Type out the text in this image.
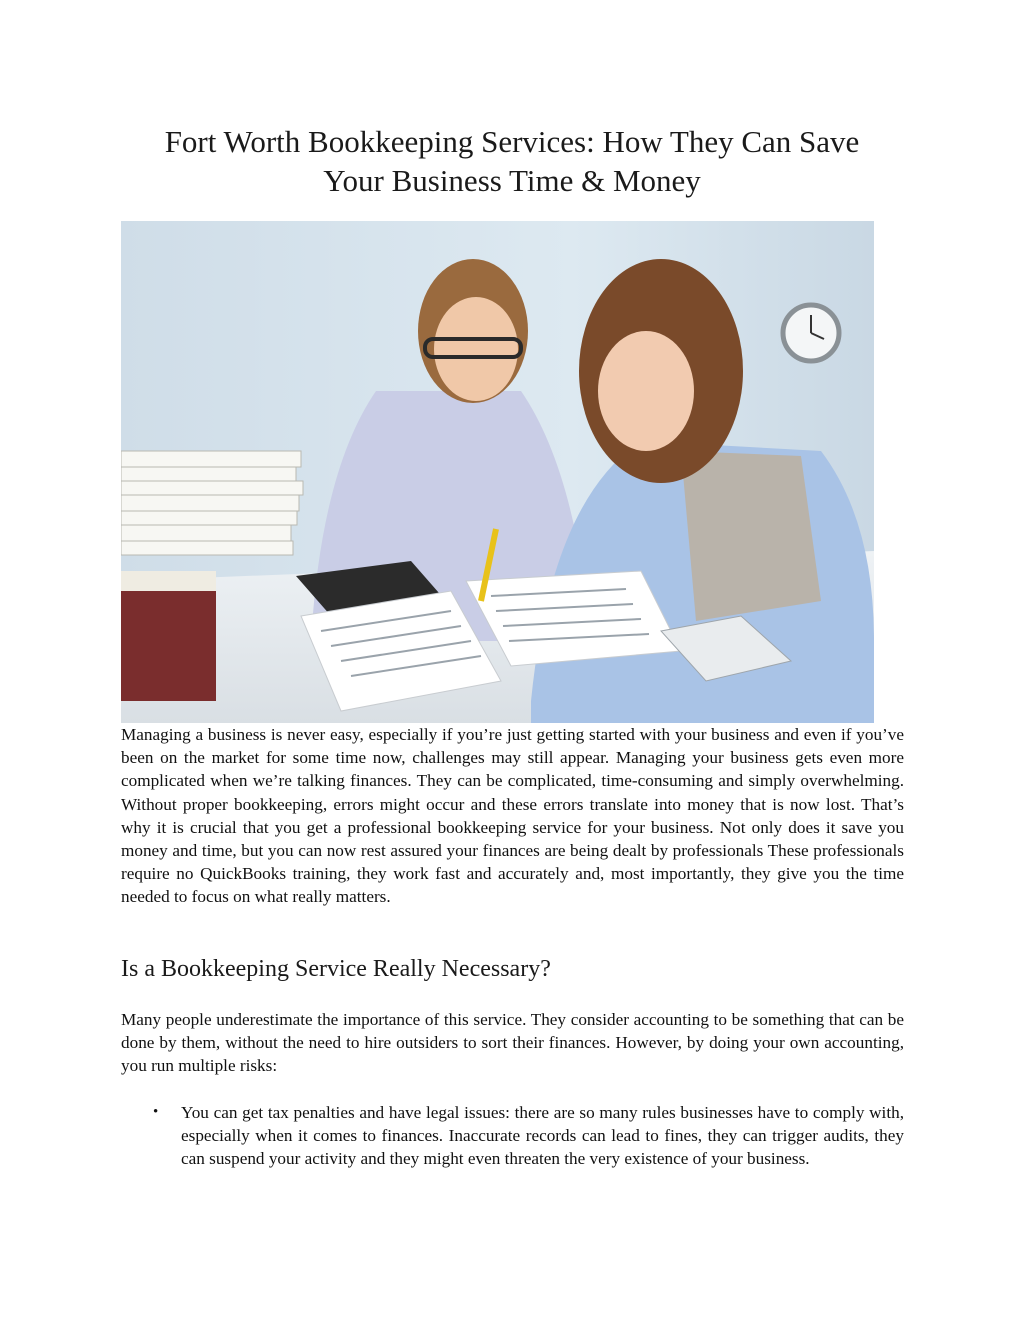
Fort Worth Bookkeeping Services: How They Can Save
Your Business Time & Money

Managing a business is never easy, especially if you’re just getting started with your business and even if you’ve been on the market for some time now, challenges may still appear. Managing your business gets even more complicated when we’re talking finances. They can be complicated, time-consuming and simply overwhelming. Without proper bookkeeping, errors might occur and these errors translate into money that is now lost. That’s why it is crucial that you get a professional bookkeeping service for your business. Not only does it save you money and time, but you can now rest assured your finances are being dealt by professionals These professionals require no QuickBooks training, they work fast and accurately and, most importantly, they give you the time needed to focus on what really matters.

Is a Bookkeeping Service Really Necessary?

Many people underestimate the importance of this service. They consider accounting to be something that can be done by them, without the need to hire outsiders to sort their finances. However, by doing your own accounting, you run multiple risks:

• You can get tax penalties and have legal issues: there are so many rules businesses have to comply with, especially when it comes to finances. Inaccurate records can lead to fines, they can trigger audits, they can suspend your activity and they might even threaten the very existence of your business.
